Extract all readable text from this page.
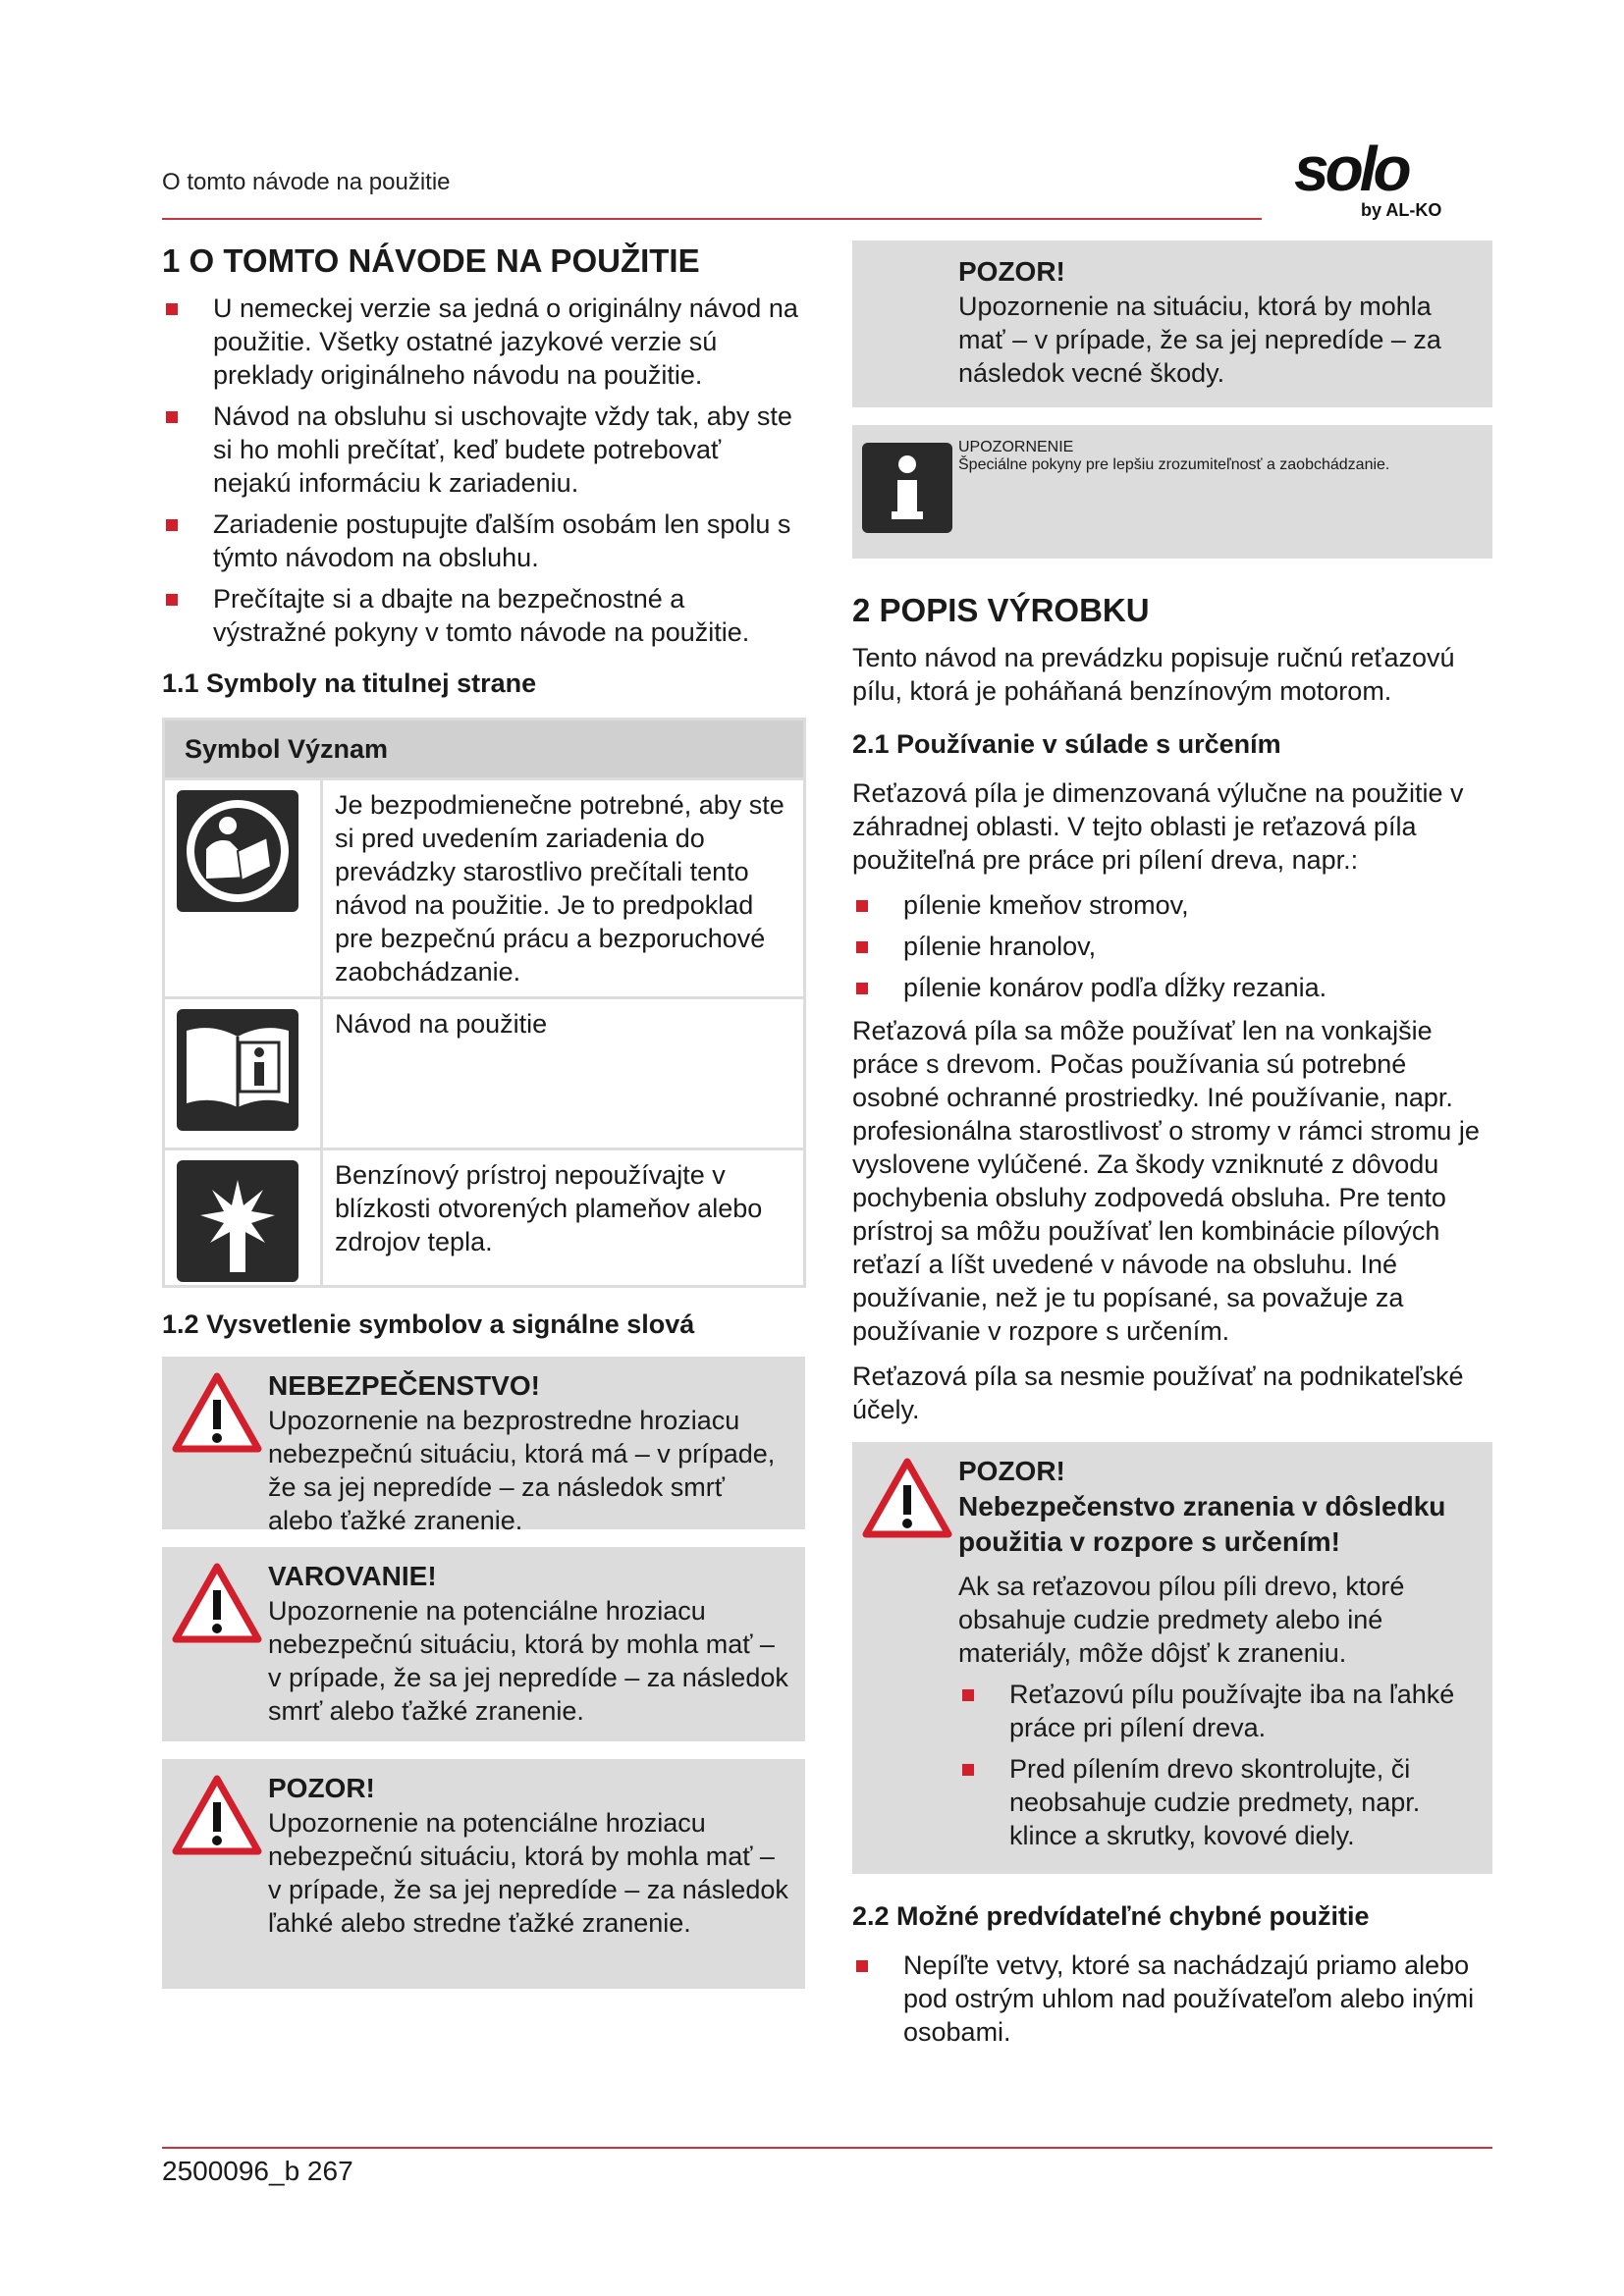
O tomto návode na použitie	solo
by AL-KO
1 O TOMTO NÁVODE NA POUŽITIE
U nemeckej verzie sa jedná o originálny návod na použitie. Všetky ostatné jazykové verzie sú preklady originálneho návodu na použitie.
Návod na obsluhu si uschovajte vždy tak, aby ste si ho mohli prečítať, keď budete potrebovať nejakú informáciu k zariadeniu.
Zariadenie postupujte ďalším osobám len spolu s týmto návodom na obsluhu.
Prečítajte si a dbajte na bezpečnostné a výstražné pokyny v tomto návode na použitie.
1.1 Symboly na titulnej strane
Symbol Význam	

	Je bezpodmienečne potrebné, aby ste si pred uvedením zariadenia do prevádzky starostlivo prečítali tento návod na použitie. Je to predpoklad pre bezpečnú prácu a bezporuchové zaobchádzanie.

	Návod na použitie

	Benzínový prístroj nepoužívajte v blízkosti otvorených plameňov alebo zdrojov tepla.
1.2 Vysvetlenie symbolov a signálne slová
NEBEZPEČENSTVO!
Upozornenie na bezprostredne hroziacu nebezpečnú situáciu, ktorá má – v prípade, že sa jej nepredíde – za následok smrť alebo ťažké zranenie.
VAROVANIE!
Upozornenie na potenciálne hroziacu nebezpečnú situáciu, ktorá by mohla mať – v prípade, že sa jej nepredíde – za následok smrť alebo ťažké zranenie.
POZOR!
Upozornenie na potenciálne hroziacu nebezpečnú situáciu, ktorá by mohla mať – v prípade, že sa jej nepredíde – za následok ľahké alebo stredne ťažké zranenie.
POZOR!
Upozornenie na situáciu, ktorá by mohla mať – v prípade, že sa jej nepredíde – za následok vecné škody.
UPOZORNENIE
Špeciálne pokyny pre lepšiu zrozumiteľnosť a zaobchádzanie.
2 POPIS VÝROBKU

Tento návod na prevádzku popisuje ručnú reťazovú pílu, ktorá je poháňaná benzínovým motorom.

2.1 Používanie v súlade s určením

Reťazová píla je dimenzovaná výlučne na použitie v záhradnej oblasti. V tejto oblasti je reťazová píla použiteľná pre práce pri pílení dreva, napr.:

pílenie kmeňov stromov,
pílenie hranolov,
pílenie konárov podľa dĺžky rezania.

Reťazová píla sa môže používať len na vonkajšie práce s drevom. Počas používania sú potrebné osobné ochranné prostriedky. Iné používanie, napr. profesionálna starostlivosť o stromy v rámci stromu je vyslovene vylúčené. Za škody vzniknuté z dôvodu pochybenia obsluhy zodpovedá obsluha. Pre tento prístroj sa môžu používať len kombinácie pílových reťazí a líšt uvedené v návode na obsluhu. Iné používanie, než je tu popísané, sa považuje za používanie v rozpore s určením.

Reťazová píla sa nesmie používať na podnikateľské účely.

POZOR!
Nebezpečenstvo zranenia v dôsledku použitia v rozpore s určením!
Ak sa reťazovou pílou píli drevo, ktoré obsahuje cudzie predmety alebo iné materiály, môže dôjsť k zraneniu.
Reťazovú pílu používajte iba na ľahké práce pri pílení dreva.
Pred pílením drevo skontrolujte, či neobsahuje cudzie predmety, napr. klince a skrutky, kovové diely.
2.2 Možné predvídateľné chybné použitie
Nepíľte vetvy, ktoré sa nachádzajú priamo alebo pod ostrým uhlom nad používateľom alebo inými osobami.
2500096_b 267
